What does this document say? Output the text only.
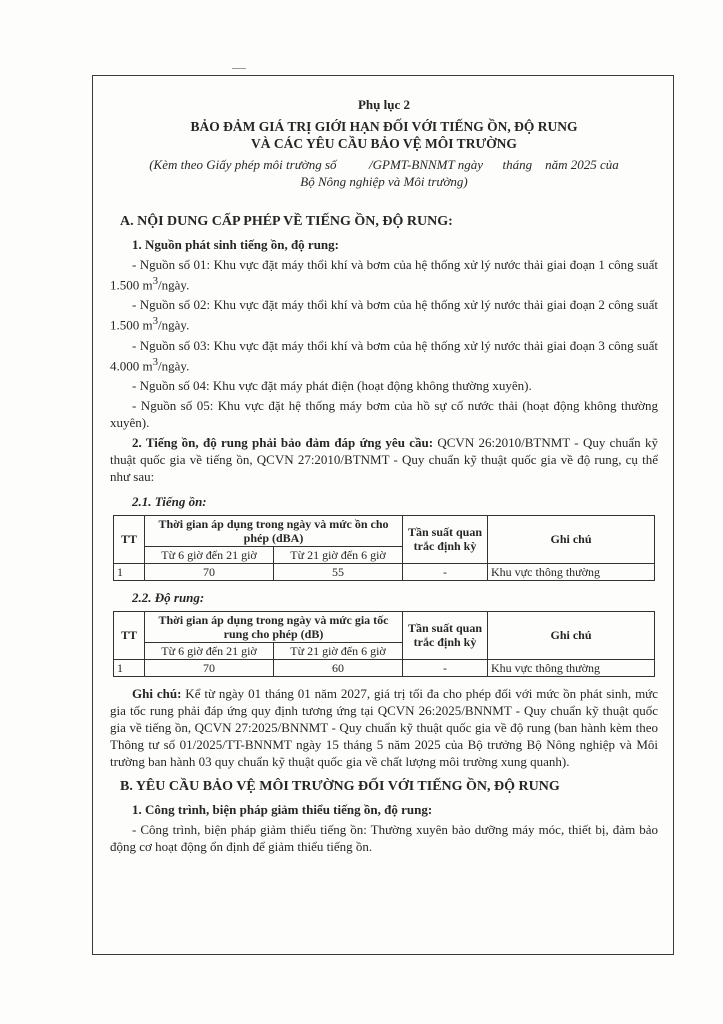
Phụ lục 2
BẢO ĐẢM GIÁ TRỊ GIỚI HẠN ĐỐI VỚI TIẾNG ỒN, ĐỘ RUNG
VÀ CÁC YÊU CẦU BẢO VỆ MÔI TRƯỜNG
(Kèm theo Giấy phép môi trường số          /GPMT-BNNMT ngày      tháng    năm 2025 của
Bộ Nông nghiệp và Môi trường)
A. NỘI DUNG CẤP PHÉP VỀ TIẾNG ỒN, ĐỘ RUNG:
1. Nguồn phát sinh tiếng ồn, độ rung:

- Nguồn số 01: Khu vực đặt máy thổi khí và bơm của hệ thống xử lý nước thải giai đoạn 1 công suất 1.500 $m^3$/ngày.

- Nguồn số 02: Khu vực đặt máy thổi khí và bơm của hệ thống xử lý nước thải giai đoạn 2 công suất 1.500 $m^3$/ngày.

- Nguồn số 03: Khu vực đặt máy thổi khí và bơm của hệ thống xử lý nước thải giai đoạn 3 công suất 4.000 $m^3$/ngày.

- Nguồn số 04: Khu vực đặt máy phát điện (hoạt động không thường xuyên).

- Nguồn số 05: Khu vực đặt hệ thống máy bơm của hồ sự cố nước thải (hoạt động không thường xuyên).

2. Tiếng ồn, độ rung phải bảo đảm đáp ứng yêu cầu: QCVN 26:2010/BTNMT - Quy chuẩn kỹ thuật quốc gia về tiếng ồn, QCVN 27:2010/BTNMT - Quy chuẩn kỹ thuật quốc gia về độ rung, cụ thể như sau:

2.1. Tiếng ồn:
TT	Thời gian áp dụng trong ngày và mức ồn cho phép (dBA)		Tần suất quan trắc định kỳ	Ghi chú
	Từ 6 giờ đến 21 giờ	Từ 21 giờ đến 6 giờ		
1	70	55	-	Khu vực thông thường
2.2. Độ rung:
TT	Thời gian áp dụng trong ngày và mức gia tốc rung cho phép (dB)		Tần suất quan trắc định kỳ	Ghi chú
	Từ 6 giờ đến 21 giờ	Từ 21 giờ đến 6 giờ		
1	70	60	-	Khu vực thông thường

Ghi chú: Kể từ ngày 01 tháng 01 năm 2027, giá trị tối đa cho phép đối với mức ồn phát sinh, mức gia tốc rung phải đáp ứng quy định tương ứng tại QCVN 26:2025/BNNMT - Quy chuẩn kỹ thuật quốc gia về tiếng ồn, QCVN 27:2025/BNNMT - Quy chuẩn kỹ thuật quốc gia về độ rung (ban hành kèm theo Thông tư số 01/2025/TT-BNNMT ngày 15 tháng 5 năm 2025 của Bộ trưởng Bộ Nông nghiệp và Môi trường ban hành 03 quy chuẩn kỹ thuật quốc gia về chất lượng môi trường xung quanh).

B. YÊU CẦU BẢO VỆ MÔI TRƯỜNG ĐỐI VỚI TIẾNG ỒN, ĐỘ RUNG
1. Công trình, biện pháp giảm thiểu tiếng ồn, độ rung:

- Công trình, biện pháp giảm thiểu tiếng ồn: Thường xuyên bảo dưỡng máy móc, thiết bị, đảm bảo động cơ hoạt động ổn định để giảm thiểu tiếng ồn.
